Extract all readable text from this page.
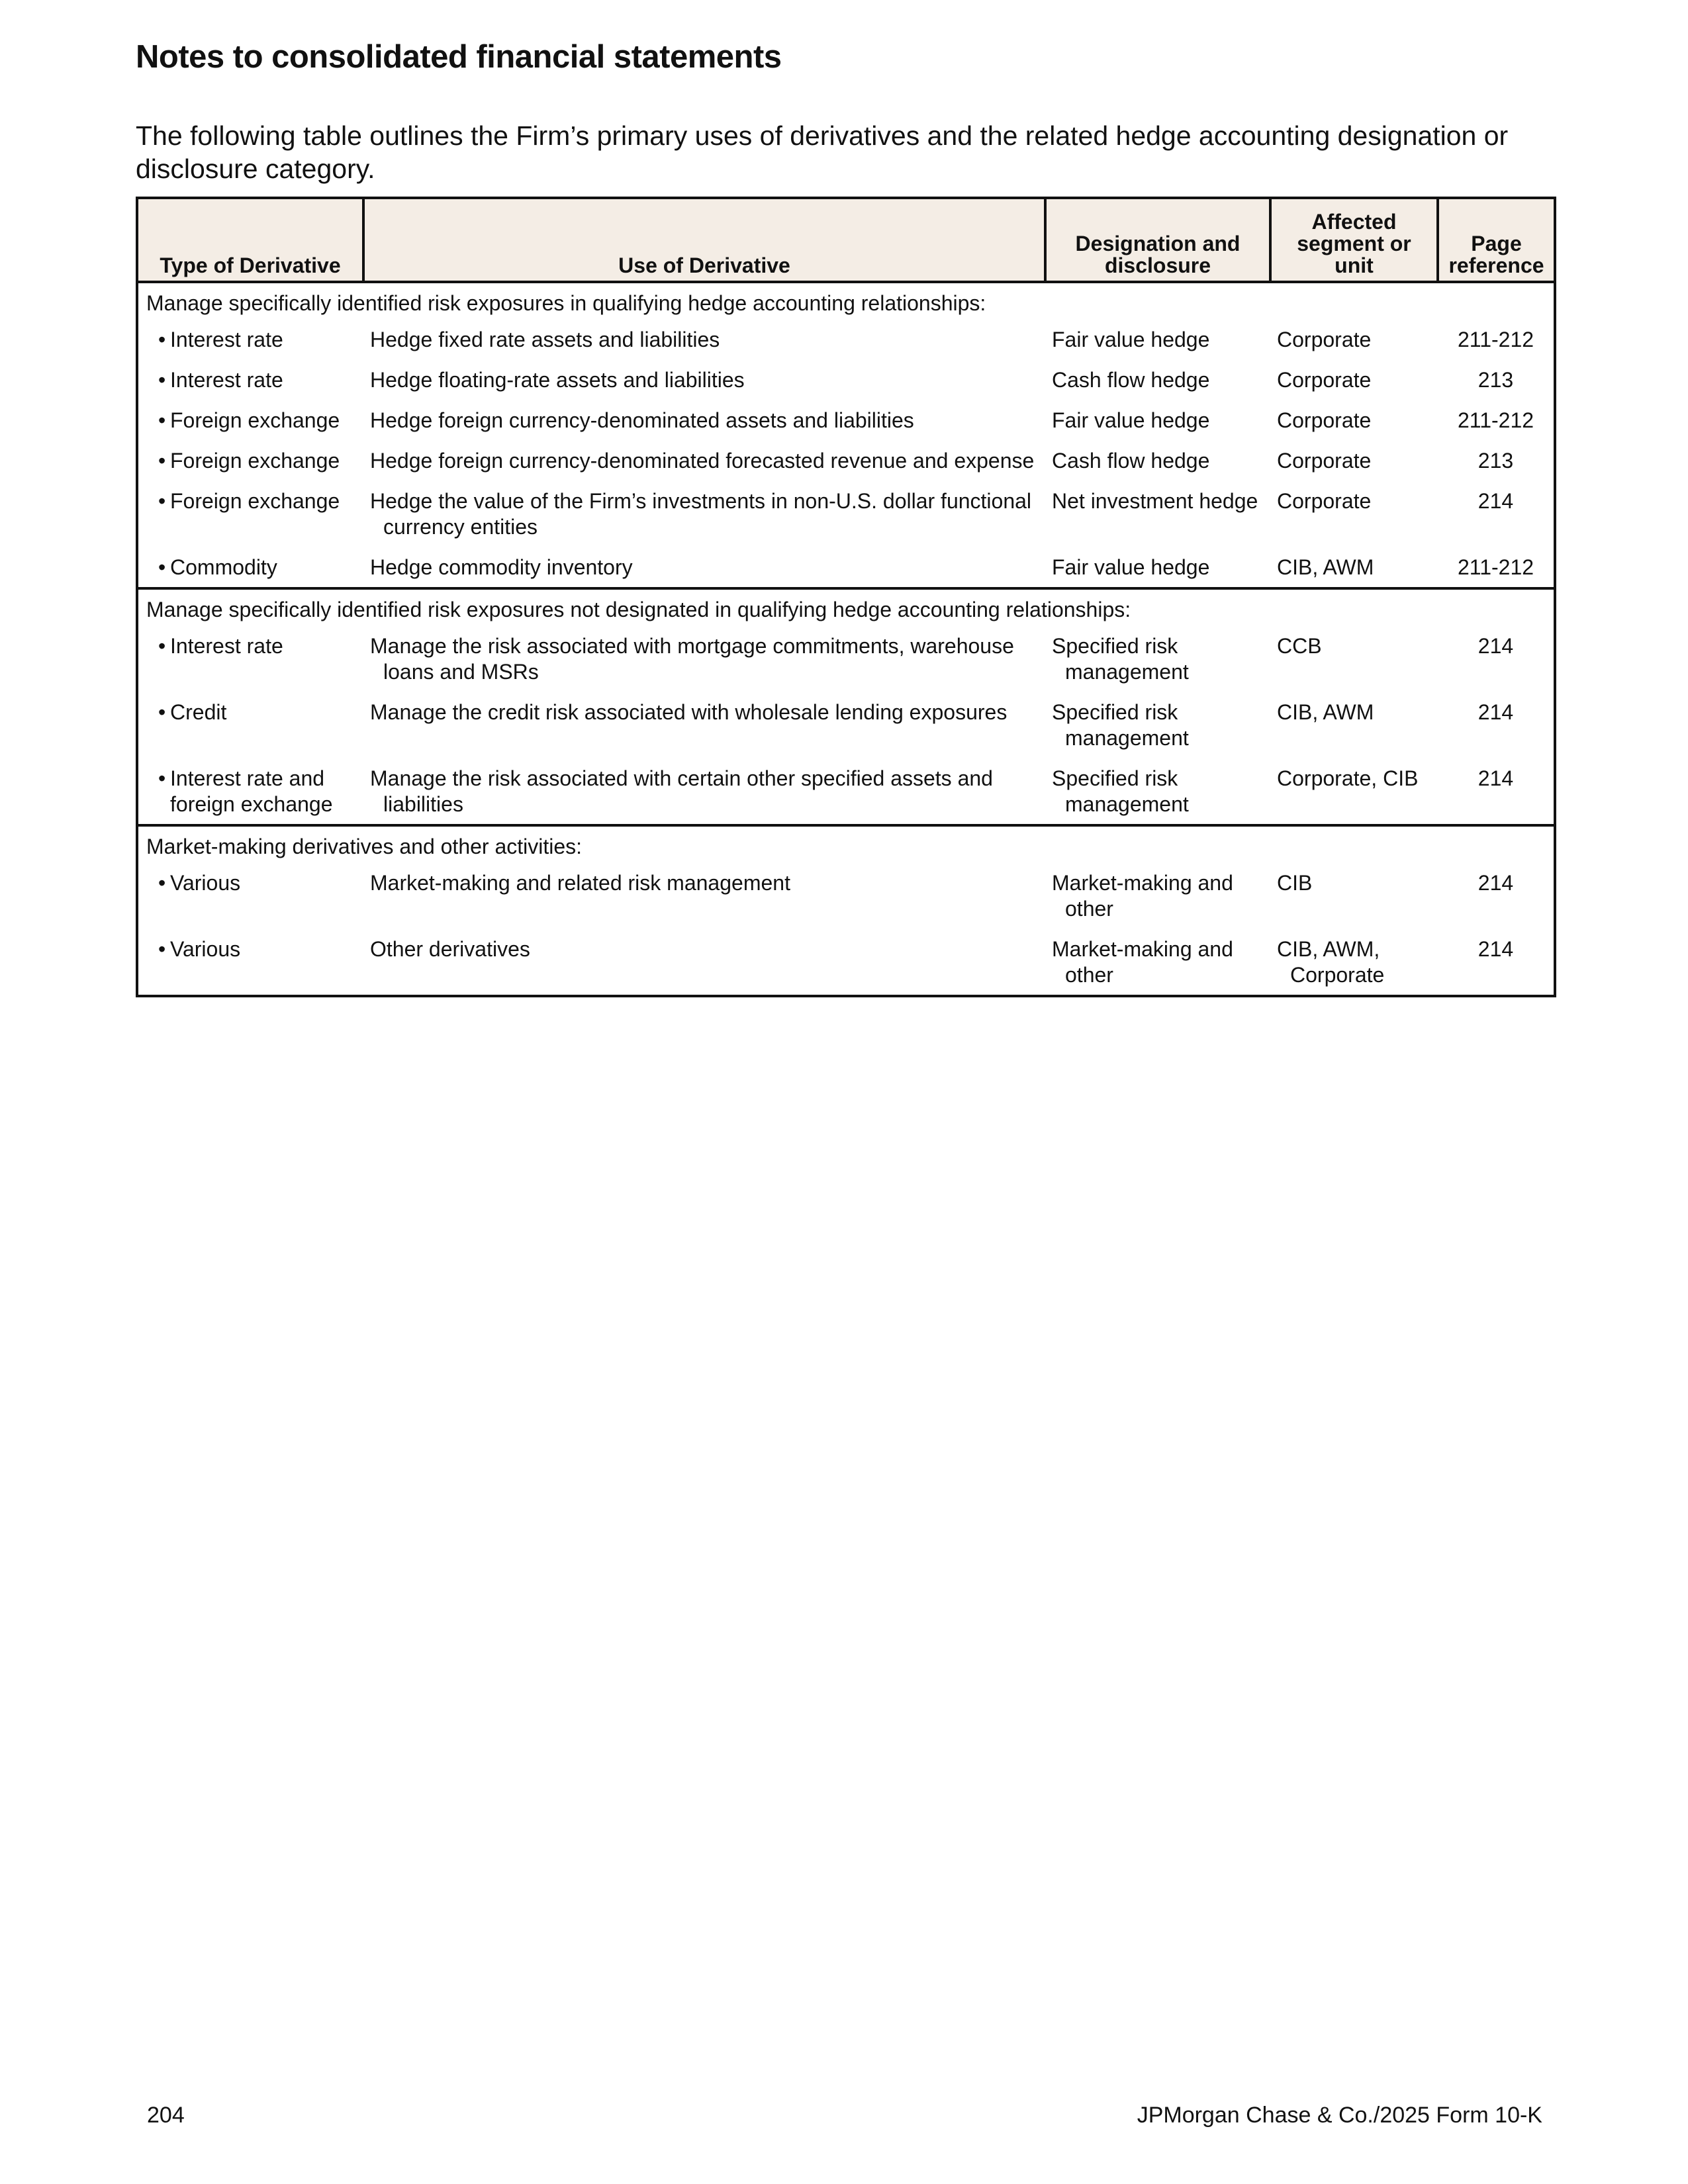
Notes to consolidated financial statements
The following table outlines the Firm’s primary uses of derivatives and the related hedge accounting designation or disclosure category.
Type of Derivative	Use of Derivative	Designation and disclosure	Affected segment or unit	Page reference
Manage specifically identified risk exposures in qualifying hedge accounting relationships:				

• Interest rate	Hedge fixed rate assets and liabilities	Fair value hedge	Corporate	211-212

• Interest rate	Hedge floating-rate assets and liabilities	Cash flow hedge	Corporate	213

• Foreign exchange	Hedge foreign currency-denominated assets and liabilities	Fair value hedge	Corporate	211-212

• Foreign exchange	Hedge foreign currency-denominated forecasted revenue and expense	Cash flow hedge	Corporate	213

• Foreign exchange	Hedge the value of the Firm’s investments in non-U.S. dollar functional currency entities	Net investment hedge	Corporate	214

• Commodity	Hedge commodity inventory	Fair value hedge	CIB, AWM	211-212
Manage specifically identified risk exposures not designated in qualifying hedge accounting relationships:				

• Interest rate	Manage the risk associated with mortgage commitments, warehouse loans and MSRs	Specified risk management	CCB	214

• Credit	Manage the credit risk associated with wholesale lending exposures	Specified risk management	CIB, AWM	214

• Interest rate and foreign exchange	Manage the risk associated with certain other specified assets and liabilities	Specified risk management	Corporate, CIB	214
Market-making derivatives and other activities:				

• Various	Market-making and related risk management	Market-making and other	CIB	214

• Various	Other derivatives	Market-making and other	CIB, AWM, Corporate	214
204	JPMorgan Chase & Co./2025 Form 10-K
